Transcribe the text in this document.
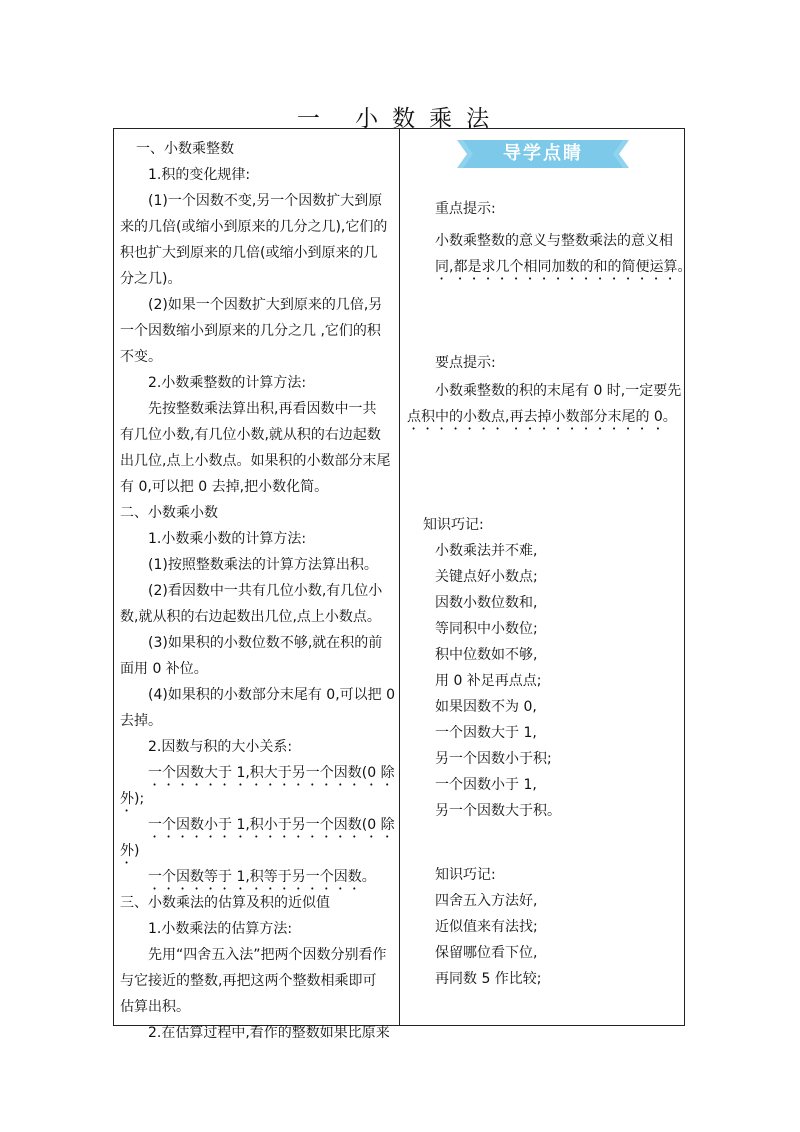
一 小数乘法
一、小数乘整数
1.积的变化规律:
(1)一个因数不变,另一个因数扩大到原
来的几倍(或缩小到原来的几分之几),它们的
积也扩大到原来的几倍(或缩小到原来的几
分之几)。
(2)如果一个因数扩大到原来的几倍,另
一个因数缩小到原来的几分之几 ,它们的积
不变。
2.小数乘整数的计算方法:
先按整数乘法算出积,再看因数中一共
有几位小数,有几位小数,就从积的右边起数
出几位,点上小数点。如果积的小数部分末尾
有 0,可以把 0 去掉,把小数化简。
二、小数乘小数
1.小数乘小数的计算方法:
(1)按照整数乘法的计算方法算出积。
(2)看因数中一共有几位小数,有几位小
数,就从积的右边起数出几位,点上小数点。
(3)如果积的小数位数不够,就在积的前
面用 0 补位。
(4)如果积的小数部分末尾有 0,可以把 0
去掉。
2.因数与积的大小关系:
一个因数大于 1,积大于另一个因数(0 除
外);
一个因数小于 1,积小于另一个因数(0 除
外)
一个因数等于 1,积等于另一个因数。
三、小数乘法的估算及积的近似值
1.小数乘法的估算方法:
先用“四舍五入法”把两个因数分别看作
与它接近的整数,再把这两个整数相乘即可
估算出积。
2.在估算过程中,看作的整数如果比原来
导学点睛
重点提示:
小数乘整数的意义与整数乘法的意义相
同,都是求几个相同加数的和的简便运算。
要点提示:
小数乘整数的积的末尾有 0 时,一定要先
点积中的小数点,再去掉小数部分末尾的 0。
知识巧记:
小数乘法并不难,
关键点好小数点;
因数小数位数和,
等同积中小数位;
积中位数如不够,
用 0 补足再点点;
如果因数不为 0,
一个因数大于 1,
另一个因数小于积;
一个因数小于 1,
另一个因数大于积。
知识巧记:
四舍五入方法好,
近似值来有法找;
保留哪位看下位,
再同数 5 作比较;
